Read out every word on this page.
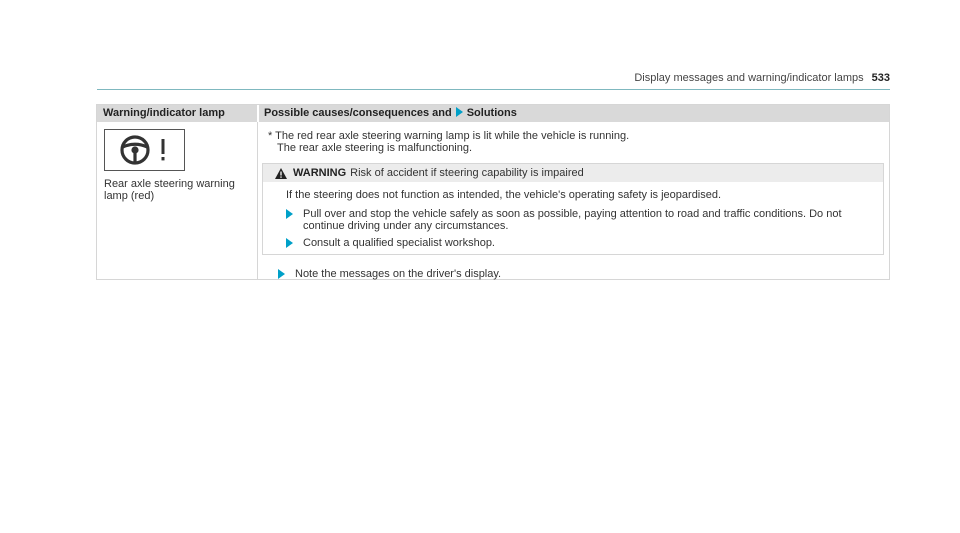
Display messages and warning/indicator lamps 533
Warning/indicator lamp	Possible causes/consequences and Solutions
Rear axle steering warning
lamp (red)
* The red rear axle steering warning lamp is lit while the vehicle is running.
The rear axle steering is malfunctioning.
WARNING Risk of accident if steering capability is impaired
If the steering does not function as intended, the vehicle's operating safety is jeopardised.
Pull over and stop the vehicle safely as soon as possible, paying attention to road and traffic conditions. Do not
continue driving under any circumstances.
Consult a qualified specialist workshop.
Note the messages on the driver's display.
